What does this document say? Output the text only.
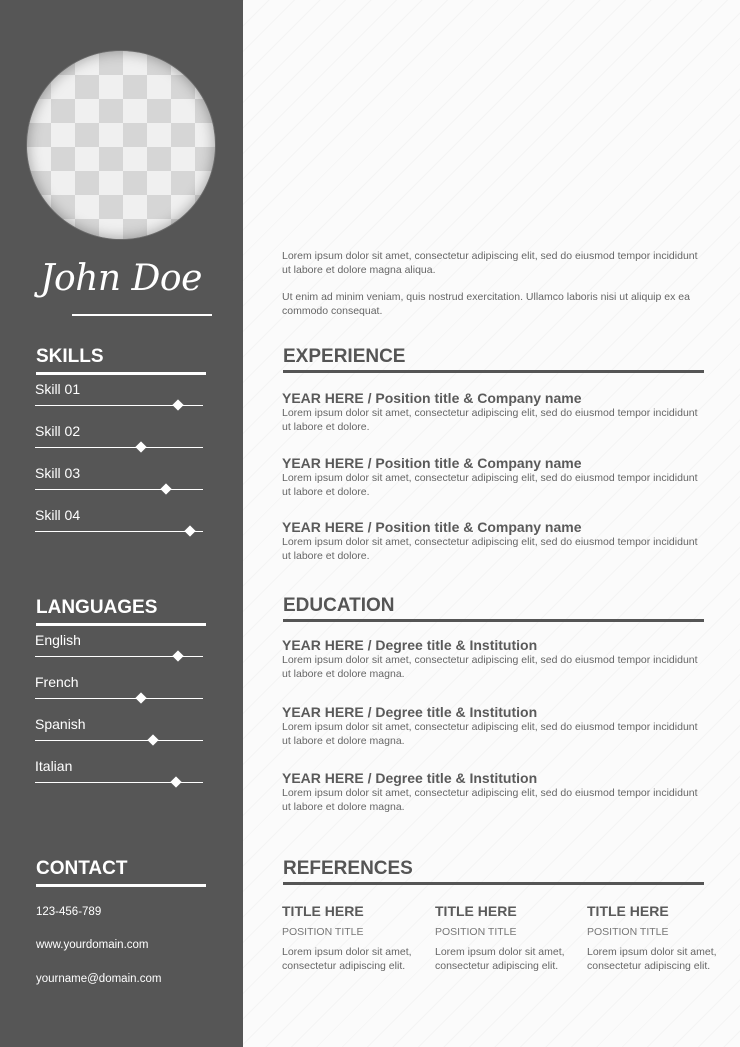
John Doe
SKILLS
Skill 01
Skill 02
Skill 03
Skill 04
LANGUAGES
English
French
Spanish
Italian
CONTACT
123-456-789
www.yourdomain.com
yourname@domain.com
Lorem ipsum dolor sit amet, consectetur adipiscing elit, sed do eiusmod tempor incididunt ut labore et dolore magna aliqua.
Ut enim ad minim veniam, quis nostrud exercitation. Ullamco laboris nisi ut aliquip ex ea commodo consequat.
EXPERIENCE
YEAR HERE / Position title & Company name
Lorem ipsum dolor sit amet, consectetur adipiscing elit, sed do eiusmod tempor incididunt ut labore et dolore.
YEAR HERE / Position title & Company name
Lorem ipsum dolor sit amet, consectetur adipiscing elit, sed do eiusmod tempor incididunt ut labore et dolore.
YEAR HERE / Position title & Company name
Lorem ipsum dolor sit amet, consectetur adipiscing elit, sed do eiusmod tempor incididunt ut labore et dolore.
EDUCATION
YEAR HERE / Degree title & Institution
Lorem ipsum dolor sit amet, consectetur adipiscing elit, sed do eiusmod tempor incididunt ut labore et dolore magna.
YEAR HERE / Degree title & Institution
Lorem ipsum dolor sit amet, consectetur adipiscing elit, sed do eiusmod tempor incididunt ut labore et dolore magna.
YEAR HERE / Degree title & Institution
Lorem ipsum dolor sit amet, consectetur adipiscing elit, sed do eiusmod tempor incididunt ut labore et dolore magna.
REFERENCES
TITLE HERE
POSITION TITLE
Lorem ipsum dolor sit amet, consectetur adipiscing elit.
TITLE HERE
POSITION TITLE
Lorem ipsum dolor sit amet, consectetur adipiscing elit.
TITLE HERE
POSITION TITLE
Lorem ipsum dolor sit amet, consectetur adipiscing elit.
